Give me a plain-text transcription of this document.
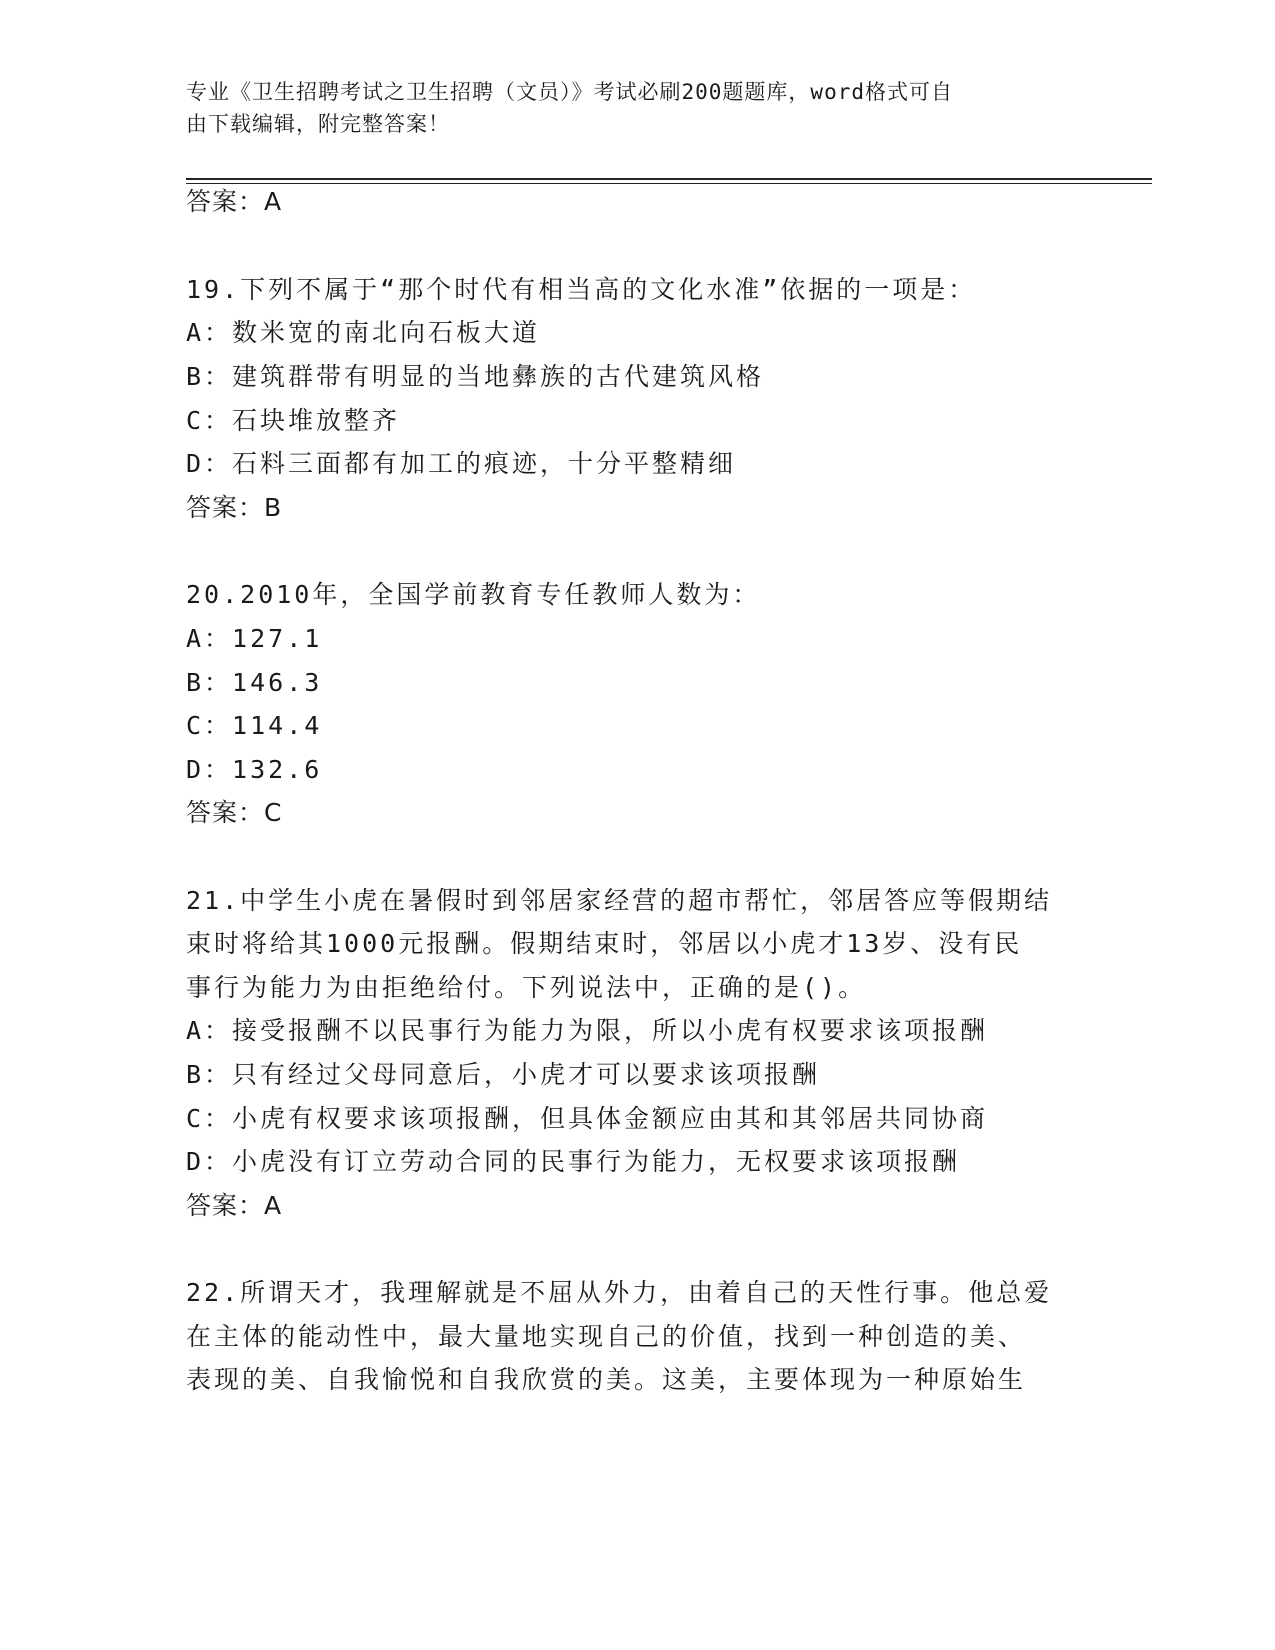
专业《卫生招聘考试之卫生招聘（文员）》考试必刷200题题库，word格式可自
由下载编辑，附完整答案！
答案：A
19.下列不属于“那个时代有相当高的文化水准”依据的一项是：
A：数米宽的南北向石板大道
B：建筑群带有明显的当地彝族的古代建筑风格
C：石块堆放整齐
D：石料三面都有加工的痕迹，十分平整精细
答案：B
20.2010年，全国学前教育专任教师人数为：
A：127.1
B：146.3
C：114.4
D：132.6
答案：C
21.中学生小虎在暑假时到邻居家经营的超市帮忙，邻居答应等假期结
束时将给其1000元报酬。假期结束时，邻居以小虎才13岁、没有民
事行为能力为由拒绝给付。下列说法中，正确的是()。
A：接受报酬不以民事行为能力为限，所以小虎有权要求该项报酬
B：只有经过父母同意后，小虎才可以要求该项报酬
C：小虎有权要求该项报酬，但具体金额应由其和其邻居共同协商
D：小虎没有订立劳动合同的民事行为能力，无权要求该项报酬
答案：A
22.所谓天才，我理解就是不屈从外力，由着自己的天性行事。他总爱
在主体的能动性中，最大量地实现自己的价值，找到一种创造的美、
表现的美、自我愉悦和自我欣赏的美。这美，主要体现为一种原始生
